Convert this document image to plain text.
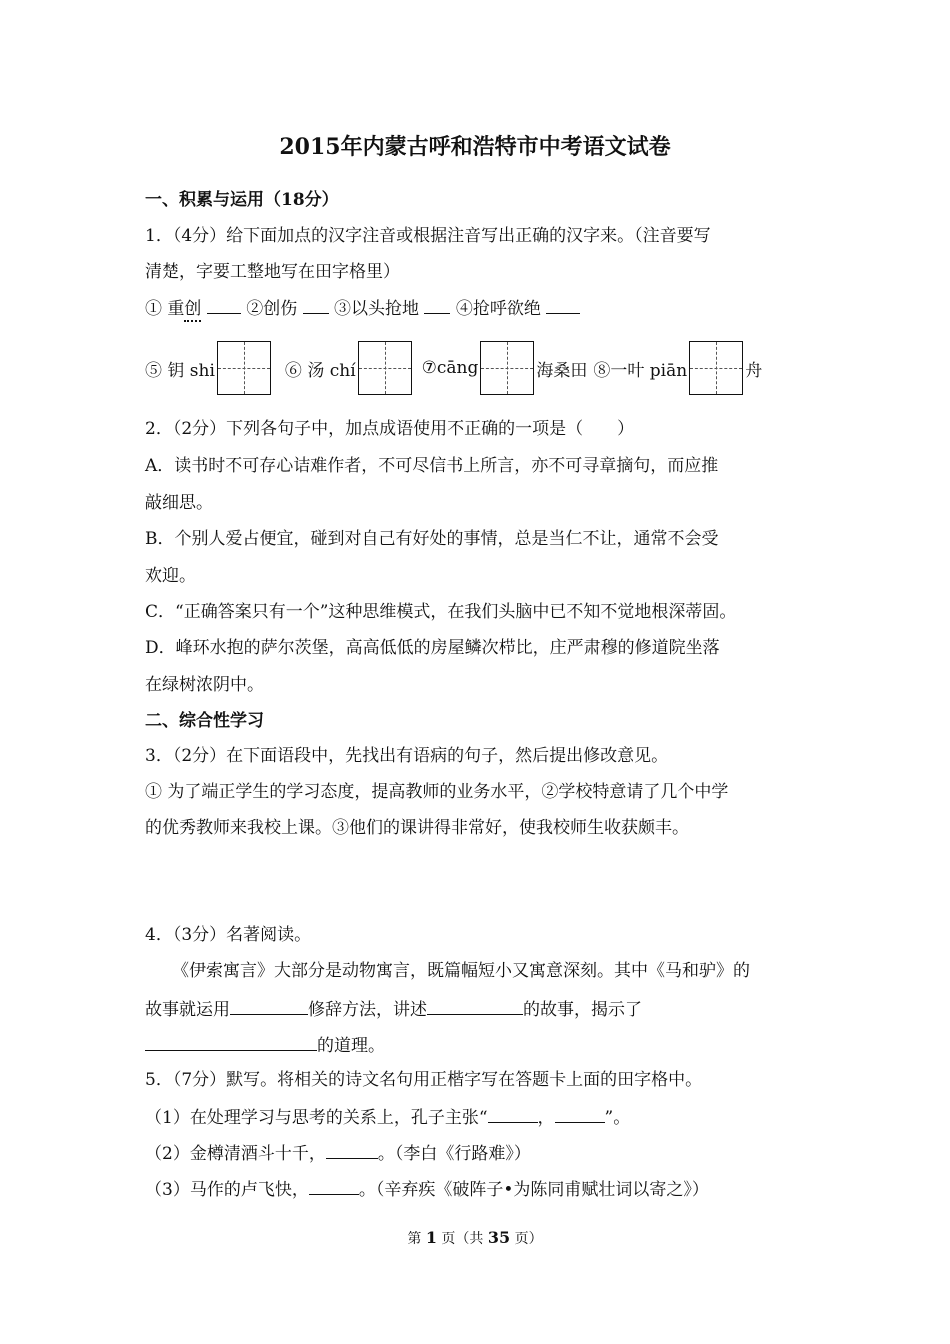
2015年内蒙古呼和浩特市中考语文试卷
一、积累与运用（18分）
1．（4分）给下面加点的汉字注音或根据注音写出正确的汉字来。（注音要写
清楚，字要工整地写在田字格里）
① 重创	②创伤 ③以头抢地 ④抢呼欲绝
⑤ 钥 shi	⑥ 汤 chí	⑦cāng	海桑田 ⑧一叶 piān	舟
2．（2分）下列各句子中，加点成语使用不正确的一项是（　　）
A．读书时不可存心诘难作者，不可尽信书上所言，亦不可寻章摘句，而应推
敲细思。
B．个别人爱占便宜，碰到对自己有好处的事情，总是当仁不让，通常不会受
欢迎。
C．“正确答案只有一个”这种思维模式，在我们头脑中已不知不觉地根深蒂固。
D．峰环水抱的萨尔茨堡，高高低低的房屋鳞次栉比，庄严肃穆的修道院坐落
在绿树浓阴中。
二、综合性学习
3．（2分）在下面语段中，先找出有语病的句子，然后提出修改意见。
① 为了端正学生的学习态度，提高教师的业务水平，②学校特意请了几个中学
的优秀教师来我校上课。③他们的课讲得非常好，使我校师生收获颇丰。
4．（3分）名著阅读。
《伊索寓言》大部分是动物寓言，既篇幅短小又寓意深刻。其中《马和驴》的
故事就运用	修辞方法，讲述	的故事，揭示了
的道理。
5．（7分）默写。将相关的诗文名句用正楷字写在答题卡上面的田字格中。
（1）在处理学习与思考的关系上，孔子主张“	，	”。
（2）金樽清酒斗十千，	。（李白《行路难》）
（3）马作的卢飞快，	。（辛弃疾《破阵子•为陈同甫赋壮词以寄之》）
第 1 页（共 35 页）
